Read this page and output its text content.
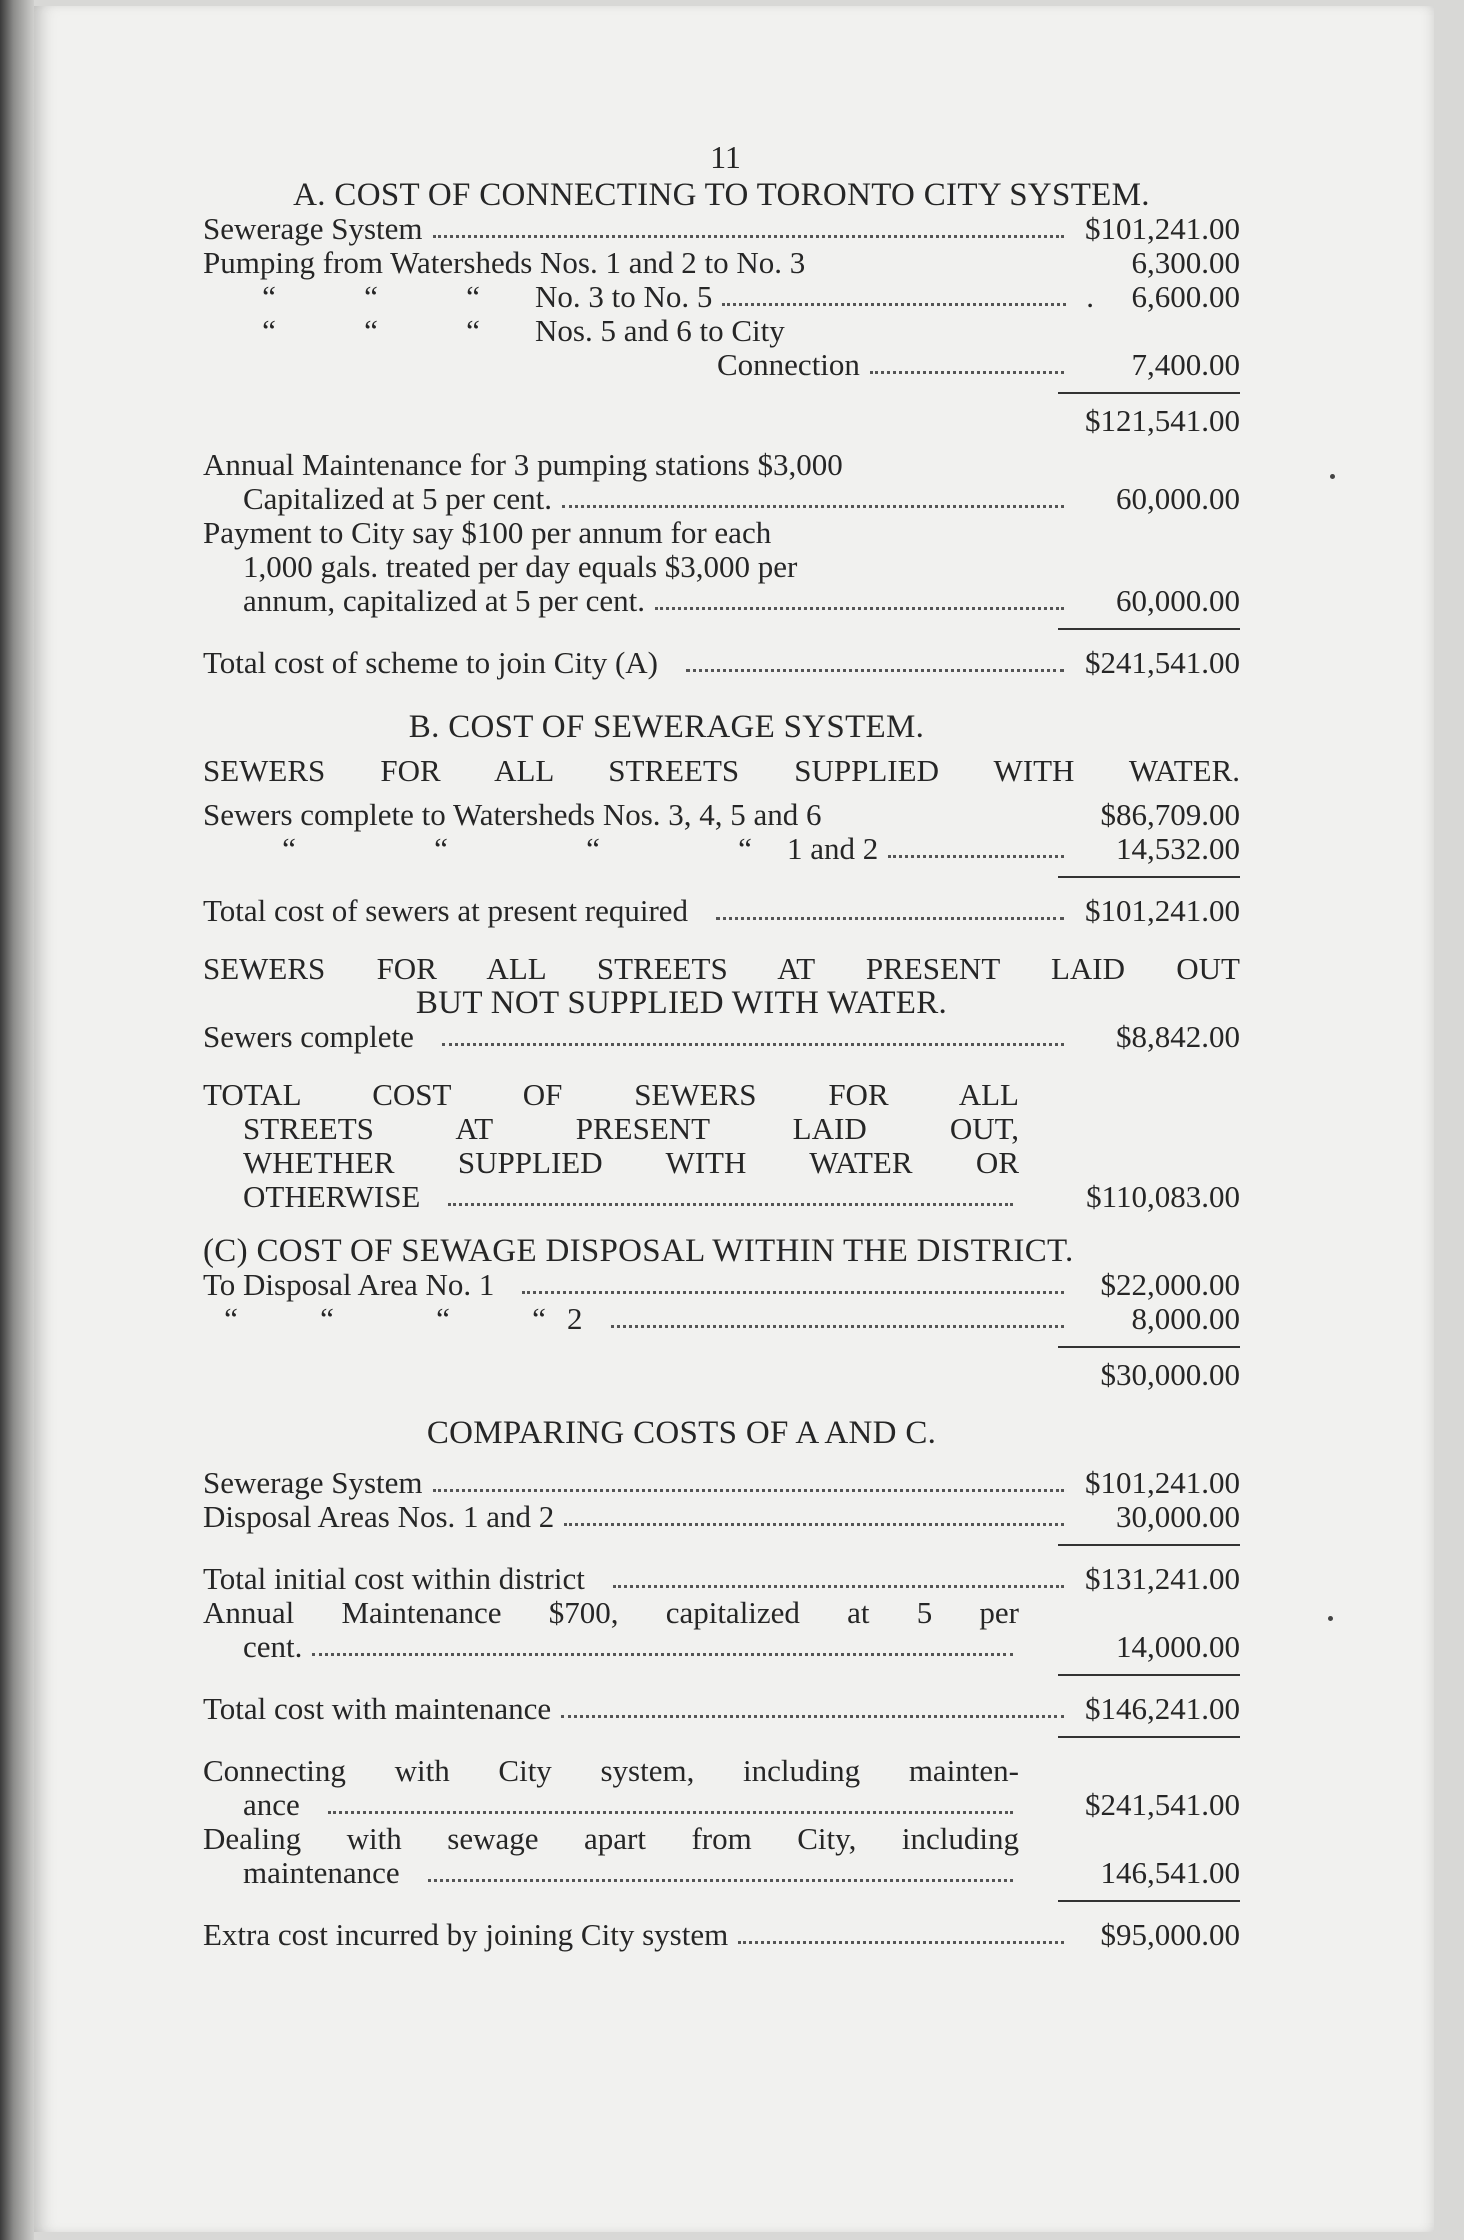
11
A. COST OF CONNECTING TO TORONTO CITY SYSTEM.
Sewerage System	$101,241.00
Pumping from Watersheds Nos. 1 and 2 to No. 3	6,300.00
“	“	“	No. 3 to No. 5	.	6,600.00
“	“	“	Nos. 5 and 6 to City
Connection	7,400.00
$121,541.00
Annual Maintenance for 3 pumping stations $3,000
Capitalized at 5 per cent.	60,000.00
Payment to City say $100 per annum for each
1,000 gals. treated per day equals $3,000 per
annum, capitalized at 5 per cent.	60,000.00
Total cost of scheme to join City (A)	$241,541.00
B. COST OF SEWERAGE SYSTEM.
SEWERS FOR ALL STREETS SUPPLIED WITH WATER.
Sewers complete to Watersheds Nos. 3, 4, 5 and 6	$86,709.00
“	“	“	“	1 and 2	14,532.00
Total cost of sewers at present required	$101,241.00
SEWERS FOR ALL STREETS AT PRESENT LAID OUT
BUT NOT SUPPLIED WITH WATER.
Sewers complete	$8,842.00
TOTAL COST OF SEWERS FOR ALL
STREETS AT PRESENT LAID OUT,
WHETHER SUPPLIED WITH WATER OR
OTHERWISE	$110,083.00
(C) COST OF SEWAGE DISPOSAL WITHIN THE DISTRICT.
To Disposal Area No. 1	$22,000.00
“	“	“	“ 2	8,000.00
$30,000.00
COMPARING COSTS OF A AND C.
Sewerage System	$101,241.00
Disposal Areas Nos. 1 and 2	30,000.00
Total initial cost within district	$131,241.00
Annual Maintenance $700, capitalized at 5 per
cent.	14,000.00
Total cost with maintenance	$146,241.00
Connecting with City system, including mainten-
ance	$241,541.00
Dealing with sewage apart from City, including
maintenance	146,541.00
Extra cost incurred by joining City system	$95,000.00
